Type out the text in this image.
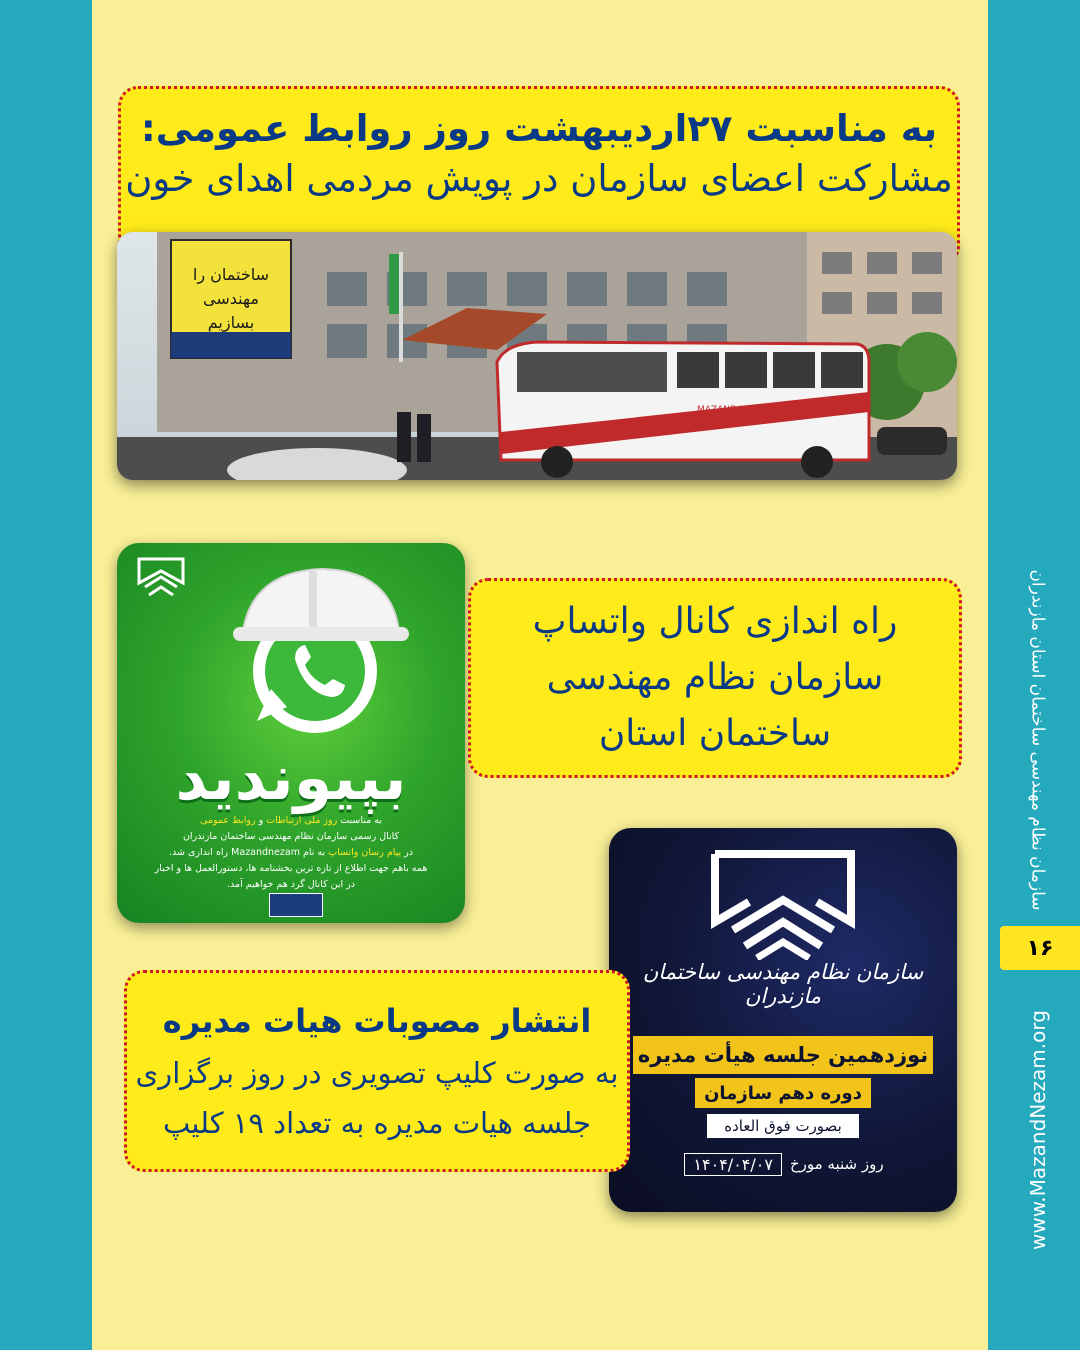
سازمان نظام مهندسی ساختمان استان مازندران
۱۶
www.MazandNezam.org
به مناسبت ۲۷اردیبهشت روز روابط عمومی:
مشارکت اعضای سازمان در پویش مردمی اهدای خون
ساختمان را
مهندسی
بسازیم
MAZANDARAN BLOOD TRANSFUSION
بپیوندید
به مناسبت روز ملی ارتباطات و روابط عمومی
کانال رسمی سازمان نظام مهندسی ساختمان مازندران
در پیام رسان واتساپ به نام Mazandnezam راه اندازی شد.
همه باهم جهت اطلاع از تازه ترین بخشنامه ها، دستورالعمل ها و اخبار
در این کانال گرد هم خواهیم آمد.
راه اندازی کانال واتساپ
سازمان نظام مهندسی
ساختمان استان
سازمان نظام مهندسی ساختمان مازندران
نوزدهمین جلسه هیأت مدیره
دوره دهم سازمان
بصورت فوق العاده
روز شنبه مورخ
۱۴۰۴/۰۴/۰۷
انتشار مصوبات هیات مدیره
به صورت کلیپ تصویری در روز برگزاری
جلسه هیات مدیره به تعداد ۱۹ کلیپ
